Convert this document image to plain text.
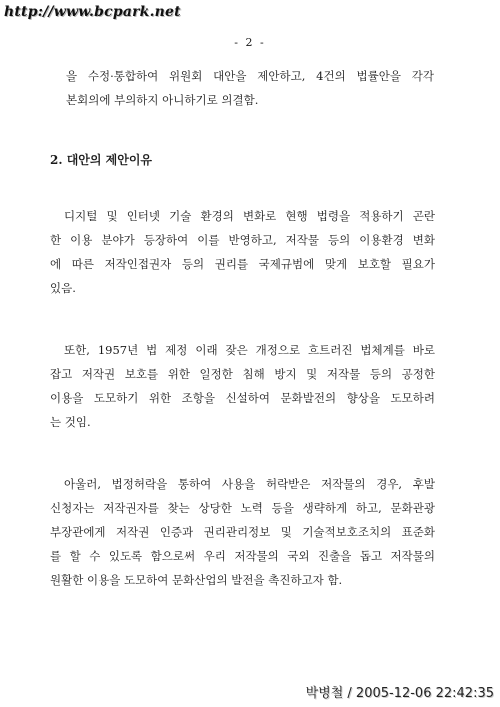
http://www.bcpark.net
- 2 -
을 수정·통합하여 위원회 대안을 제안하고, 4건의 법률안을 각각
본회의에 부의하지 아니하기로 의결함.
2. 대안의 제안이유
디지털 및 인터넷 기술 환경의 변화로 현행 법령을 적용하기 곤란
한 이용 분야가 등장하여 이를 반영하고, 저작물 등의 이용환경 변화
에 따른 저작인접권자 등의 권리를 국제규범에 맞게 보호할 필요가
있음.
또한, 1957년 법 제정 이래 잦은 개정으로 흐트러진 법체계를 바로
잡고 저작권 보호를 위한 일정한 침해 방지 및 저작물 등의 공정한
이용을 도모하기 위한 조항을 신설하여 문화발전의 향상을 도모하려
는 것임.
아울러, 법정허락을 통하여 사용을 허락받은 저작물의 경우, 후발
신청자는 저작권자를 찾는 상당한 노력 등을 생략하게 하고, 문화관광
부장관에게 저작권 인증과 권리관리정보 및 기술적보호조치의 표준화
를 할 수 있도록 함으로써 우리 저작물의 국외 진출을 돕고 저작물의
원활한 이용을 도모하여 문화산업의 발전을 촉진하고자 함.
박병철 / 2005-12-06 22:42:35
